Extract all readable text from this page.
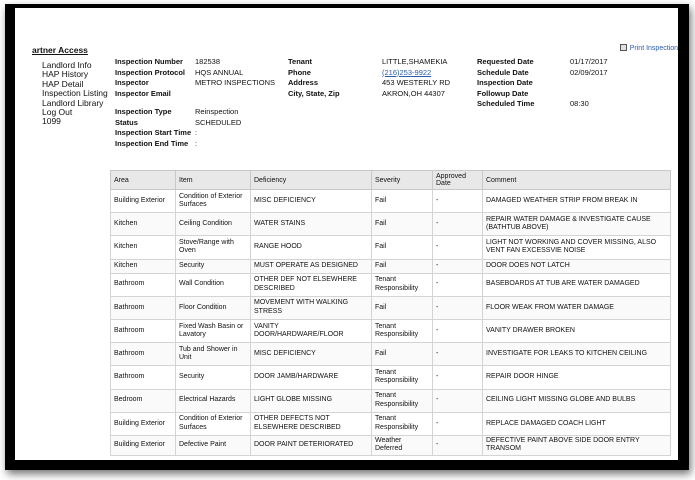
Print Inspection
artner Access
Landlord Info
HAP History
HAP Detail
Inspection Listing
Landlord Library
Log Out
1099
Inspection Number 182538
Inspection Protocol HQS ANNUAL
Inspector	METRO INSPECTIONS
Inspector Email
Inspection Type	Reinspection
Status	SCHEDULED
Inspection Start Time :
Inspection End Time :
Tenant	LITTLE,SHAMEKIA
Phone	(216)253-9922
Address	453 WESTERLY RD
City, State, Zip	AKRON,OH 44307
Requested Date	01/17/2017
Schedule Date	02/09/2017
Inspection Date
Followup Date
Scheduled Time	08:30
Area	Item	Deficiency	Severity	Approved Date	Comment
Building Exterior	Condition of Exterior Surfaces	MISC DEFICIENCY	Fail	-	DAMAGED WEATHER STRIP FROM BREAK IN
Kitchen	Ceiling Condition	WATER STAINS	Fail	-	REPAIR WATER DAMAGE & INVESTIGATE CAUSE (BATHTUB ABOVE)
Kitchen	Stove/Range with Oven	RANGE HOOD	Fail	-	LIGHT NOT WORKING AND COVER MISSING, ALSO VENT FAN EXCESSVIE NOISE
Kitchen	Security	MUST OPERATE AS DESIGNED	Fail	-	DOOR DOES NOT LATCH
Bathroom	Wall Condition	OTHER DEF NOT ELSEWHERE DESCRIBED	Tenant Responsibility	-	BASEBOARDS AT TUB ARE WATER DAMAGED
Bathroom	Floor Condition	MOVEMENT WITH WALKING STRESS	Fail	-	FLOOR WEAK FROM WATER DAMAGE
Bathroom	Fixed Wash Basin or Lavatory	VANITY DOOR/HARDWARE/FLOOR	Tenant Responsibility	-	VANITY DRAWER BROKEN
Bathroom	Tub and Shower in Unit	MISC DEFICIENCY	Fail	-	INVESTIGATE FOR LEAKS TO KITCHEN CEILING
Bathroom	Security	DOOR JAMB/HARDWARE	Tenant Responsibility	-	REPAIR DOOR HINGE
Bedroom	Electrical Hazards	LIGHT GLOBE MISSING	Tenant Responsibility	-	CEILING LIGHT MISSING GLOBE AND BULBS
Building Exterior	Condition of Exterior Surfaces	OTHER DEFECTS NOT ELSEWHERE DESCRIBED	Tenant Responsibility	-	REPLACE DAMAGED COACH LIGHT
Building Exterior	Defective Paint	DOOR PAINT DETERIORATED	Weather Deferred	-	DEFECTIVE PAINT ABOVE SIDE DOOR ENTRY TRANSOM
